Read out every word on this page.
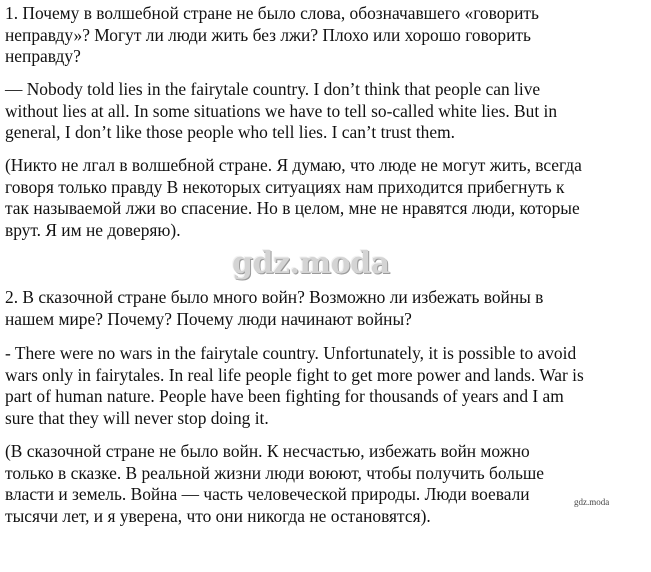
1. Почему в волшебной стране не было слова, обозначавшего «говорить
неправду»? Могут ли люди жить без лжи? Плохо или хорошо говорить
неправду?

— Nobody told lies in the fairytale country. I don’t think that people can live
without lies at all. In some situations we have to tell so-called white lies. But in
general, I don’t like those people who tell lies. I can’t trust them.

(Никто не лгал в волшебной стране. Я думаю, что люде не могут жить, всегда
говоря только правду В некоторых ситуациях нам приходится прибегнуть к
так называемой лжи во спасение. Но в целом, мне не нравятся люди, которые
врут. Я им не доверяю).

2. В сказочной стране было много войн? Возможно ли избежать войны в
нашем мире? Почему? Почему люди начинают войны?

- There were no wars in the fairytale country. Unfortunately, it is possible to avoid
wars only in fairytales. In real life people fight to get more power and lands. War is
part of human nature. People have been fighting for thousands of years and I am
sure that they will never stop doing it.

(В сказочной стране не было войн. К несчастью, избежать войн можно
только в сказке. В реальной жизни люди воюют, чтобы получить больше
власти и земель. Война — часть человеческой природы. Люди воевали
тысячи лет, и я уверена, что они никогда не остановятся).

gdz.moda
gdz.moda
